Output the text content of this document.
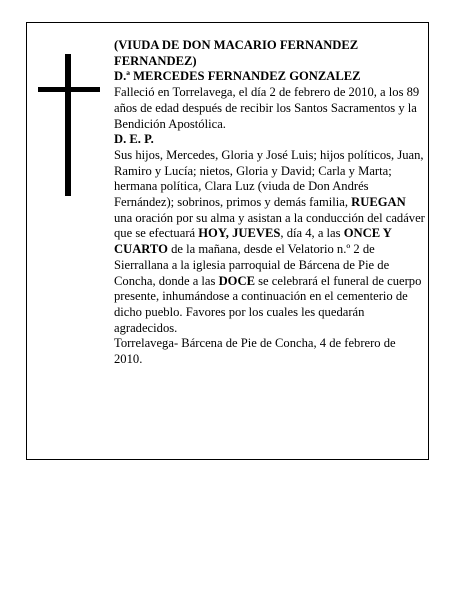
(VIUDA DE DON MACARIO FERNANDEZ FERNANDEZ)

D.ª MERCEDES FERNANDEZ GONZALEZ

Falleció en Torrelavega, el día 2 de febrero de 2010, a los 89 años de edad después de recibir los Santos Sacramentos y la Bendición Apostólica.

D. E. P.

Sus hijos, Mercedes, Gloria y José Luis; hijos políticos, Juan, Ramiro y Lucía; nietos, Gloria y David; Carla y Marta; hermana política, Clara Luz (viuda de Don Andrés Fernández); sobrinos, primos y demás familia, RUEGAN una oración por su alma y asistan a la conducción del cadáver que se efectuará HOY, JUEVES, día 4, a las ONCE Y CUARTO de la mañana, desde el Velatorio n.º 2 de Sierrallana a la iglesia parroquial de Bárcena de Pie de Concha, donde a las DOCE se celebrará el funeral de cuerpo presente, inhumándose a continuación en el cementerio de dicho pueblo. Favores por los cuales les quedarán agradecidos.

Torrelavega- Bárcena de Pie de Concha, 4 de febrero de 2010.
